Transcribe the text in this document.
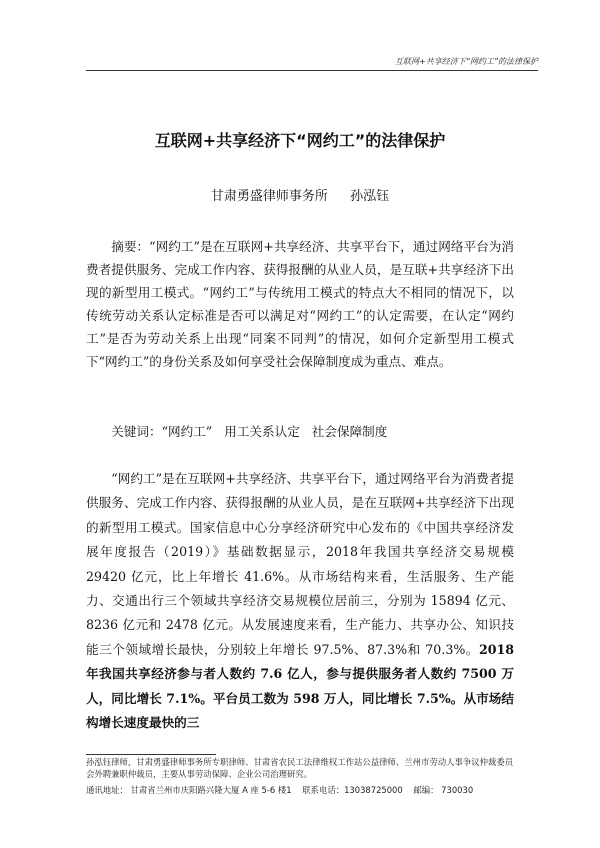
互联网+共享经济下“网约工”的法律保护
互联网+共享经济下“网约工”的法律保护
甘肃勇盛律师事务所 孙泓钰

摘要：“网约工”是在互联网+共享经济、共享平台下，通过网络平台为消费者提供服务、完成工作内容、获得报酬的从业人员，是互联+共享经济下出现的新型用工模式。“网约工”与传统用工模式的特点大不相同的情况下，以传统劳动关系认定标准是否可以满足对“网约工”的认定需要，在认定“网约工”是否为劳动关系上出现“同案不同判”的情况，如何介定新型用工模式下“网约工”的身份关系及如何享受社会保障制度成为重点、难点。

关键词：“网约工” 用工关系认定 社会保障制度

“网约工”是在互联网+共享经济、共享平台下，通过网络平台为消费者提供服务、完成工作内容、获得报酬的从业人员，是在互联网+共享经济下出现的新型用工模式。国家信息中心分享经济研究中心发布的《中国共享经济发展年度报告（2019）》基础数据显示，2018年我国共享经济交易规模 29420 亿元，比上年增长 41.6%。从市场结构来看，生活服务、生产能力、交通出行三个领域共享经济交易规模位居前三，分别为 15894 亿元、8236 亿元和 2478 亿元。从发展速度来看，生产能力、共享办公、知识技能三个领域增长最快，分别较上年增长 97.5%、87.3%和 70.3%。2018 年我国共享经济参与者人数约 7.6 亿人，参与提供服务者人数约 7500 万人，同比增长 7.1%。平台员工数为 598 万人，同比增长 7.5%。从市场结构增长速度最快的三

孙泓钰律师，甘肃勇盛律师事务所专职律师、甘肃省农民工法律维权工作站公益律师、兰州市劳动人事争议仲裁委员会外聘兼职仲裁员，主要从事劳动保障、企业公司治理研究。

通讯地址： 甘肃省兰州市庆阳路兴隆大厦 A 座 5-6 楼1 联系电话：13038725000 邮编： 730030
